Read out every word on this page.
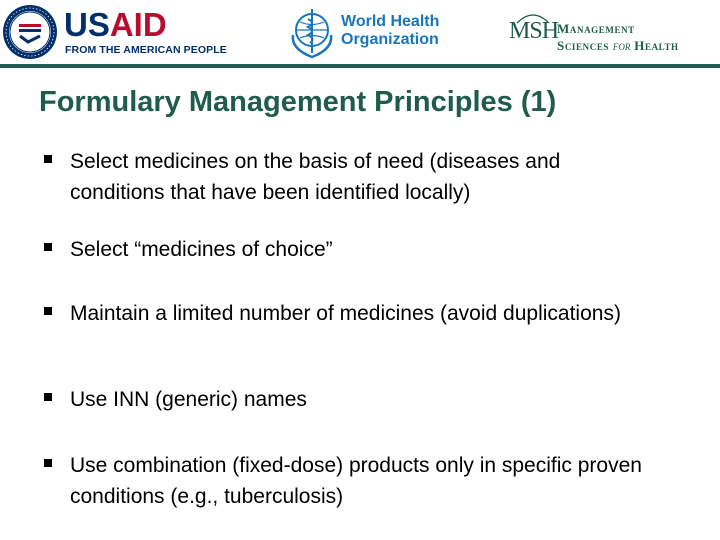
USAID
FROM THE AMERICAN PEOPLE
World Health
Organization	MSH
Management
Sciences for Health
Formulary Management Principles (1)
Select medicines on the basis of need (diseases and conditions that have been identified locally)
Select “medicines of choice”
Maintain a limited number of medicines (avoid duplications)
Use INN (generic) names
Use combination (fixed-dose) products only in specific proven conditions (e.g., tuberculosis)
